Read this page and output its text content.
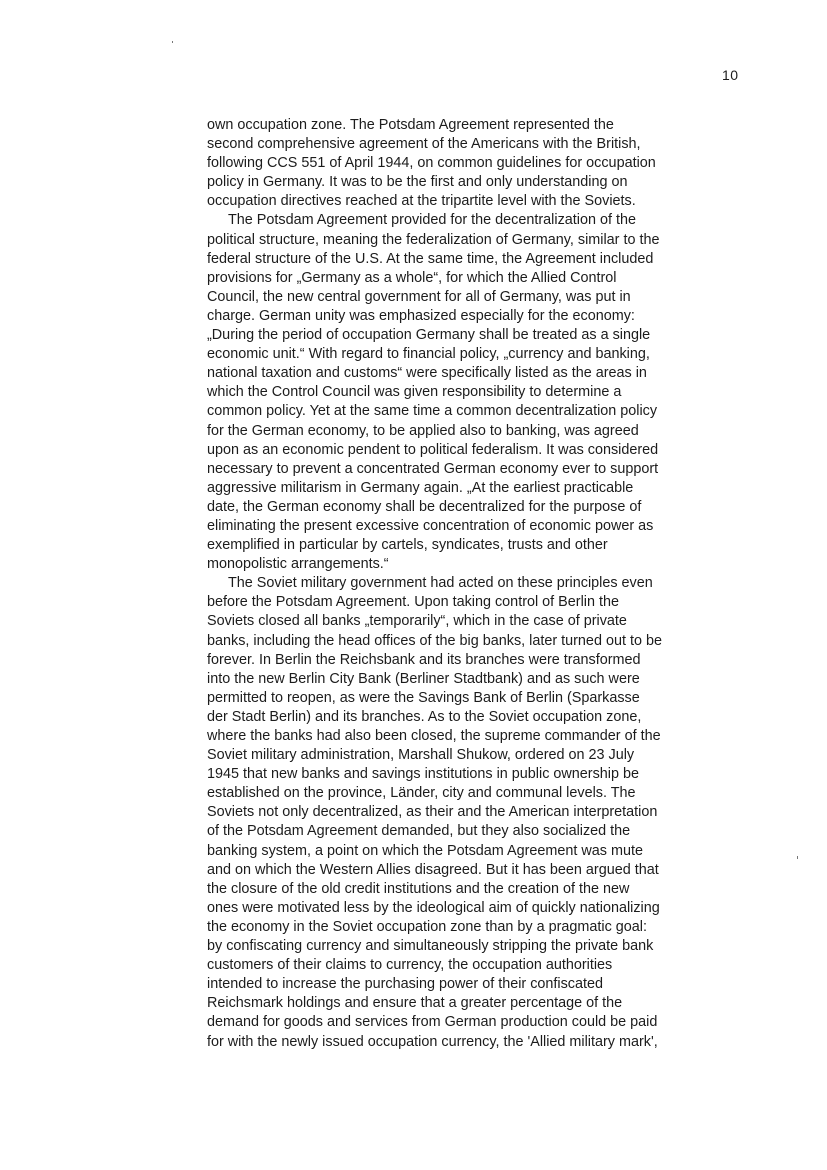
10
own occupation zone. The Potsdam Agreement represented the
second comprehensive agreement of the Americans with the British,
following CCS 551 of April 1944, on common guidelines for occupation
policy in Germany. It was to be the first and only understanding on
occupation directives reached at the tripartite level with the Soviets.
The Potsdam Agreement provided for the decentralization of the
political structure, meaning the federalization of Germany, similar to the
federal structure of the U.S. At the same time, the Agreement included
provisions for „Germany as a whole“, for which the Allied Control
Council, the new central government for all of Germany, was put in
charge. German unity was emphasized especially for the economy:
„During the period of occupation Germany shall be treated as a single
economic unit.“ With regard to financial policy, „currency and banking,
national taxation and customs“ were specifically listed as the areas in
which the Control Council was given responsibility to determine a
common policy. Yet at the same time a common decentralization policy
for the German economy, to be applied also to banking, was agreed
upon as an economic pendent to political federalism. It was considered
necessary to prevent a concentrated German economy ever to support
aggressive militarism in Germany again. „At the earliest practicable
date, the German economy shall be decentralized for the purpose of
eliminating the present excessive concentration of economic power as
exemplified in particular by cartels, syndicates, trusts and other
monopolistic arrangements.“
The Soviet military government had acted on these principles even
before the Potsdam Agreement. Upon taking control of Berlin the
Soviets closed all banks „temporarily“, which in the case of private
banks, including the head offices of the big banks, later turned out to be
forever. In Berlin the Reichsbank and its branches were transformed
into the new Berlin City Bank (Berliner Stadtbank) and as such were
permitted to reopen, as were the Savings Bank of Berlin (Sparkasse
der Stadt Berlin) and its branches. As to the Soviet occupation zone,
where the banks had also been closed, the supreme commander of the
Soviet military administration, Marshall Shukow, ordered on 23 July
1945 that new banks and savings institutions in public ownership be
established on the province, Länder, city and communal levels. The
Soviets not only decentralized, as their and the American interpretation
of the Potsdam Agreement demanded, but they also socialized the
banking system, a point on which the Potsdam Agreement was mute
and on which the Western Allies disagreed. But it has been argued that
the closure of the old credit institutions and the creation of the new
ones were motivated less by the ideological aim of quickly nationalizing
the economy in the Soviet occupation zone than by a pragmatic goal:
by confiscating currency and simultaneously stripping the private bank
customers of their claims to currency, the occupation authorities
intended to increase the purchasing power of their confiscated
Reichsmark holdings and ensure that a greater percentage of the
demand for goods and services from German production could be paid
for with the newly issued occupation currency, the 'Allied military mark',
